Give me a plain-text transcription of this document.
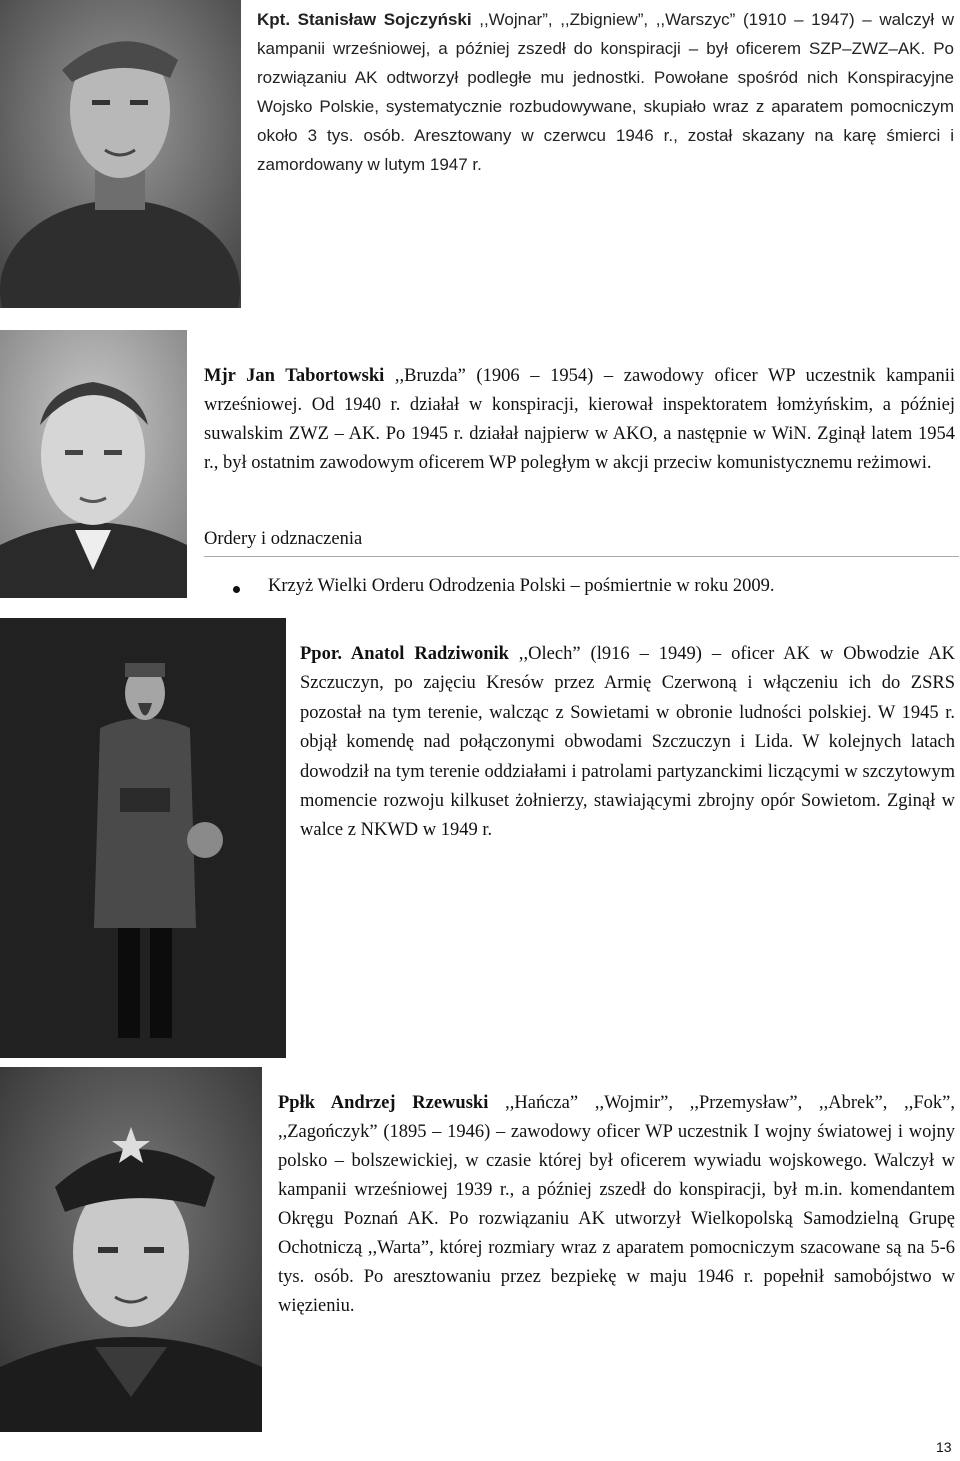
Kpt. Stanisław Sojczyński ,,Wojnar”, ,,Zbigniew”, ,,Warszyc” (1910 – 1947) – walczył w kampanii wrześniowej, a później zszedł do konspiracji – był oficerem SZP–ZWZ–AK. Po rozwiązaniu AK odtworzył podległe mu jednostki. Powołane spośród nich Konspiracyjne Wojsko Polskie, systematycznie rozbudowywane, skupiało wraz z aparatem pomocniczym około 3 tys. osób. Aresztowany w czerwcu 1946 r., został skazany na karę śmierci i zamordowany w lutym 1947 r.
Mjr Jan Tabortowski ,,Bruzda” (1906 – 1954) – zawodowy oficer WP uczestnik kampanii wrześniowej. Od 1940 r. działał w konspiracji, kierował inspektoratem łomżyńskim, a później suwalskim ZWZ – AK. Po 1945 r. działał najpierw w AKO, a następnie w WiN. Zginął latem 1954 r., był ostatnim zawodowym oficerem WP poległym w akcji przeciw komunistycznemu reżimowi.
Ordery i odznaczenia
Krzyż Wielki Orderu Odrodzenia Polski – pośmiertnie w roku 2009.
Ppor. Anatol Radziwonik ,,Olech” (l916 – 1949) – oficer AK w Obwodzie AK Szczuczyn, po zajęciu Kresów przez Armię Czerwoną i włączeniu ich do ZSRS pozostał na tym terenie, walcząc z Sowietami w obronie ludności polskiej. W 1945 r. objął komendę nad połączonymi obwodami Szczuczyn i Lida. W kolejnych latach dowodził na tym terenie oddziałami i patrolami partyzanckimi liczącymi w szczytowym momencie rozwoju kilkuset żołnierzy, stawiającymi zbrojny opór Sowietom. Zginął w walce z NKWD w 1949 r.
Ppłk Andrzej Rzewuski ,,Hańcza” ,,Wojmir”, ,,Przemysław”, ,,Abrek”, ,,Fok”, ,,Zagończyk” (1895 – 1946) – zawodowy oficer WP uczestnik I wojny światowej i wojny polsko – bolszewickiej, w czasie której był oficerem wywiadu wojskowego. Walczył w kampanii wrześniowej 1939 r., a później zszedł do konspiracji, był m.in. komendantem Okręgu Poznań AK. Po rozwiązaniu AK utworzył Wielkopolską Samodzielną Grupę Ochotniczą ,,Warta”, której rozmiary wraz z aparatem pomocniczym szacowane są na 5-6 tys. osób. Po aresztowaniu przez bezpiekę w maju 1946 r. popełnił samobójstwo w więzieniu.
13
